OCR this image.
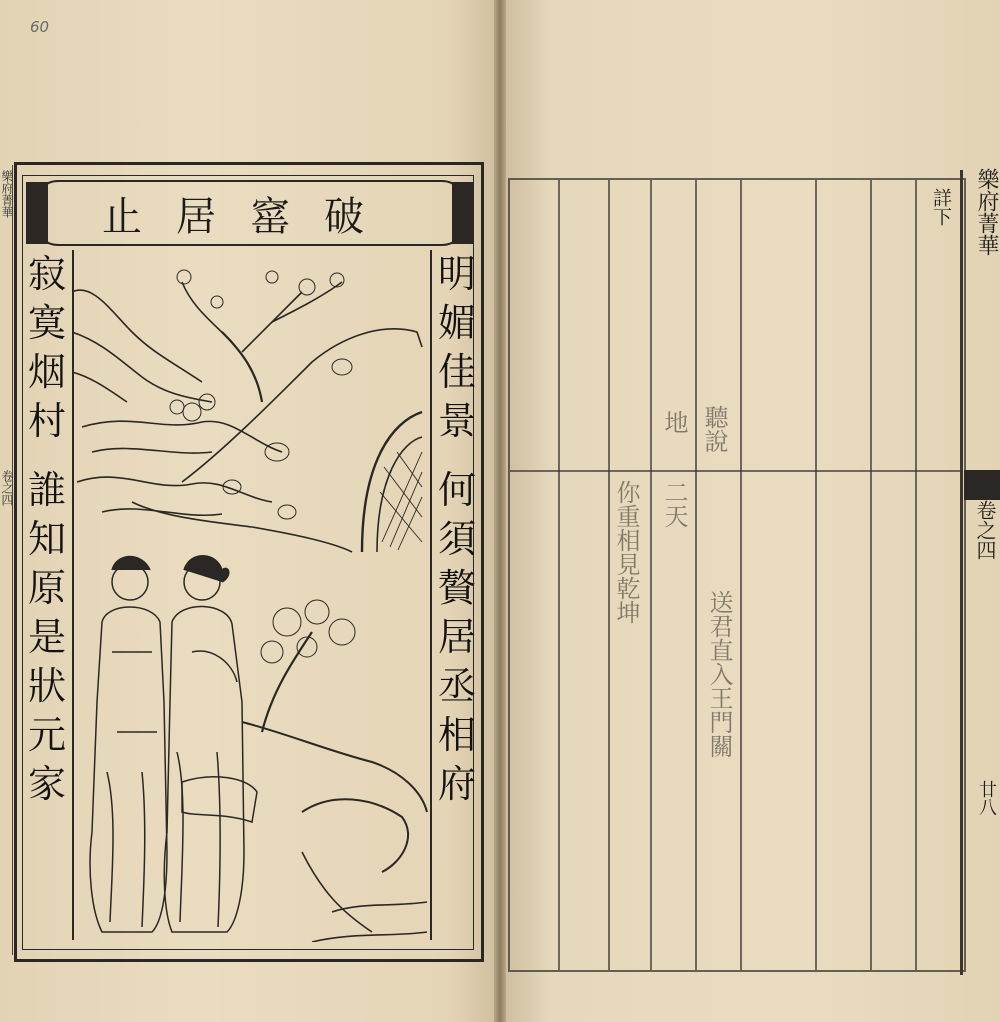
60
樂府菁華
卷之四
破窰居止
明
媚
佳
景
何
須
贅
居
丞
相
府
寂
寞
烟
村
誰
知
原
是
狀
元
家
送君直入王門關
你重相見乾坤 二天
聽說
地
詳下 樂府菁華
卷之四
廿八
